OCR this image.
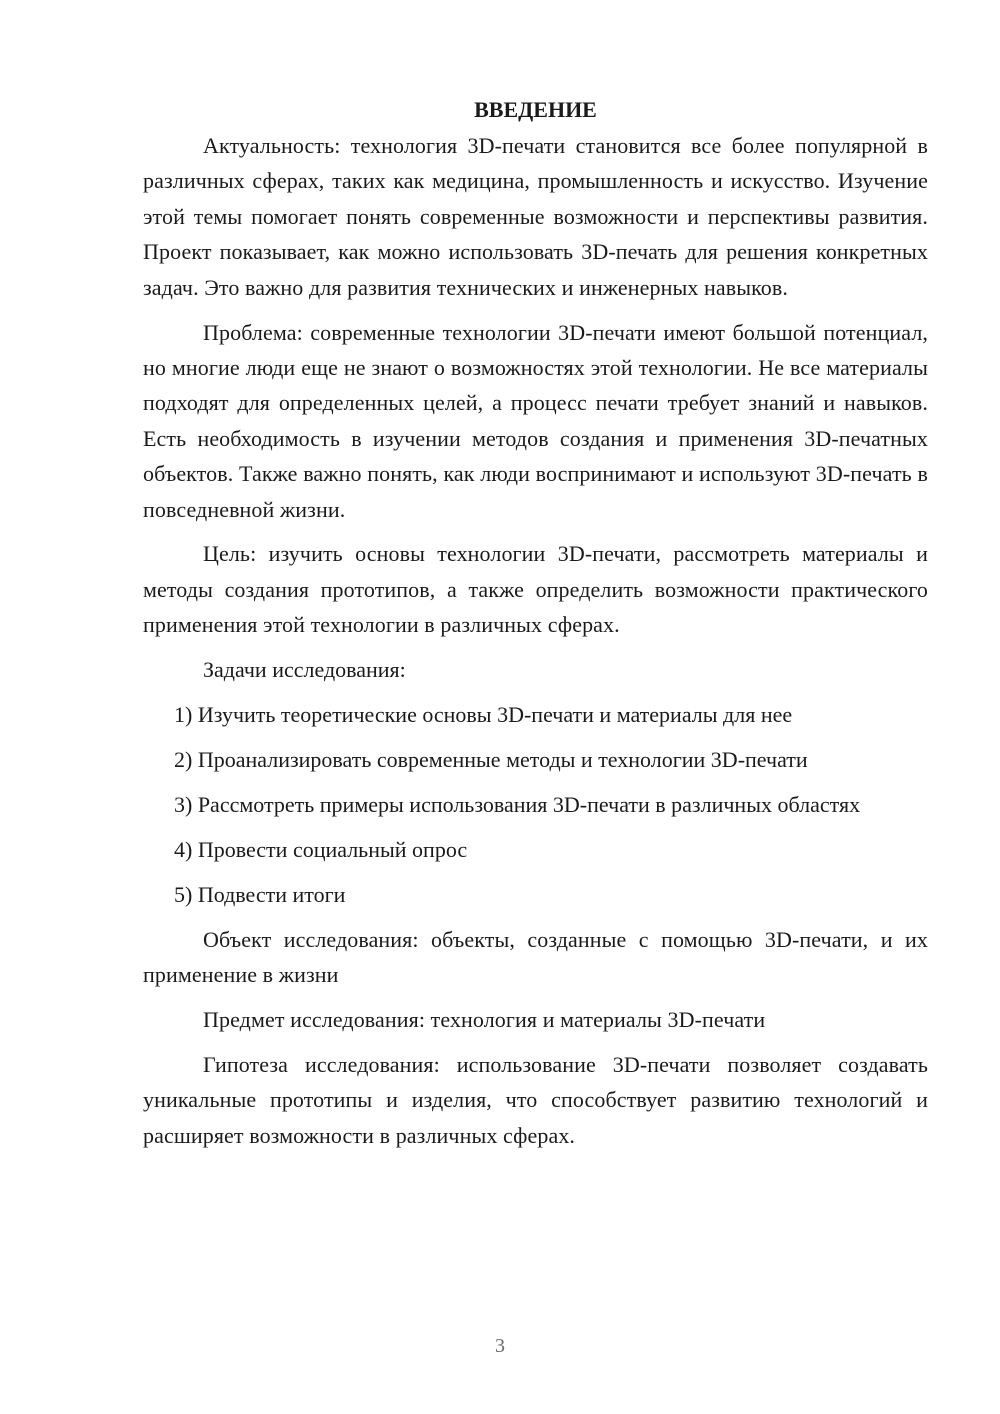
ВВЕДЕНИЕ

Актуальность: технология 3D-печати становится все более популярной в различных сферах, таких как медицина, промышленность и искусство. Изучение этой темы помогает понять современные возможности и перспективы развития. Проект показывает, как можно использовать 3D-печать для решения конкретных задач. Это важно для развития технических и инженерных навыков.

Проблема: современные технологии 3D-печати имеют большой потенциал, но многие люди еще не знают о возможностях этой технологии. Не все материалы подходят для определенных целей, а процесс печати требует знаний и навыков. Есть необходимость в изучении методов создания и применения 3D-печатных объектов. Также важно понять, как люди воспринимают и используют 3D-печать в повседневной жизни.

Цель: изучить основы технологии 3D-печати, рассмотреть материалы и методы создания прототипов, а также определить возможности практического применения этой технологии в различных сферах.

Задачи исследования:

1) Изучить теоретические основы 3D-печати и материалы для нее

2) Проанализировать современные методы и технологии 3D-печати

3) Рассмотреть примеры использования 3D-печати в различных областях

4) Провести социальный опрос

5) Подвести итоги

Объект исследования: объекты, созданные с помощью 3D-печати, и их применение в жизни

Предмет исследования: технология и материалы 3D-печати

Гипотеза исследования: использование 3D-печати позволяет создавать уникальные прототипы и изделия, что способствует развитию технологий и расширяет возможности в различных сферах.

3
